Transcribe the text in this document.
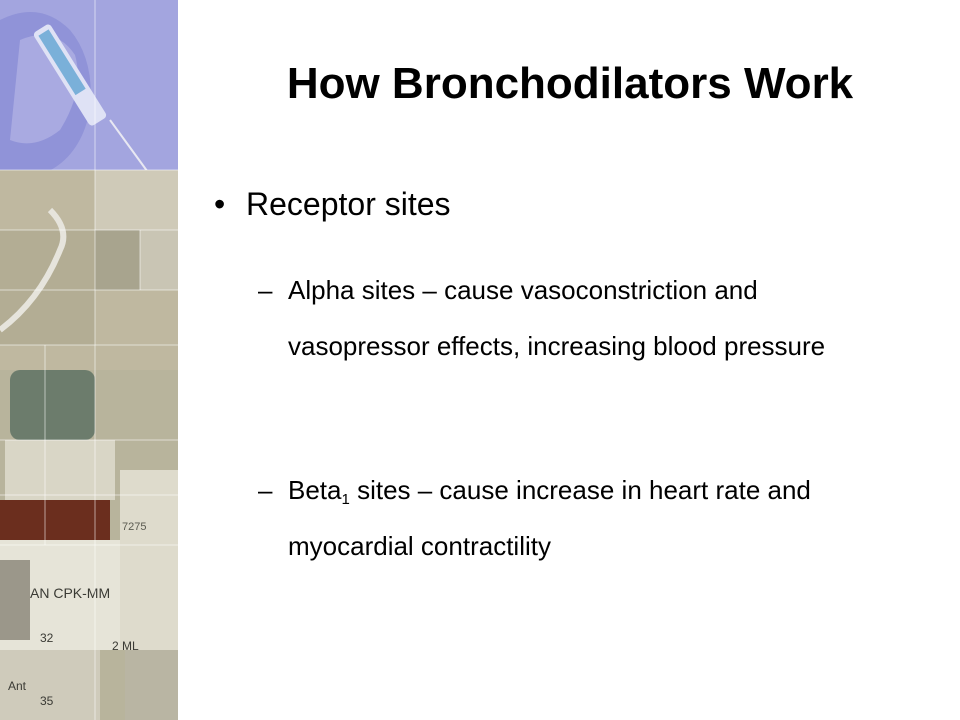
AN CPK-MM
32
2 ML
7275
Ant
35
How Bronchodilators Work
• Receptor sites
– Alpha sites – cause vasoconstriction and vasopressor effects, increasing blood pressure
– Beta$_1$ sites – cause increase in heart rate and myocardial contractility
